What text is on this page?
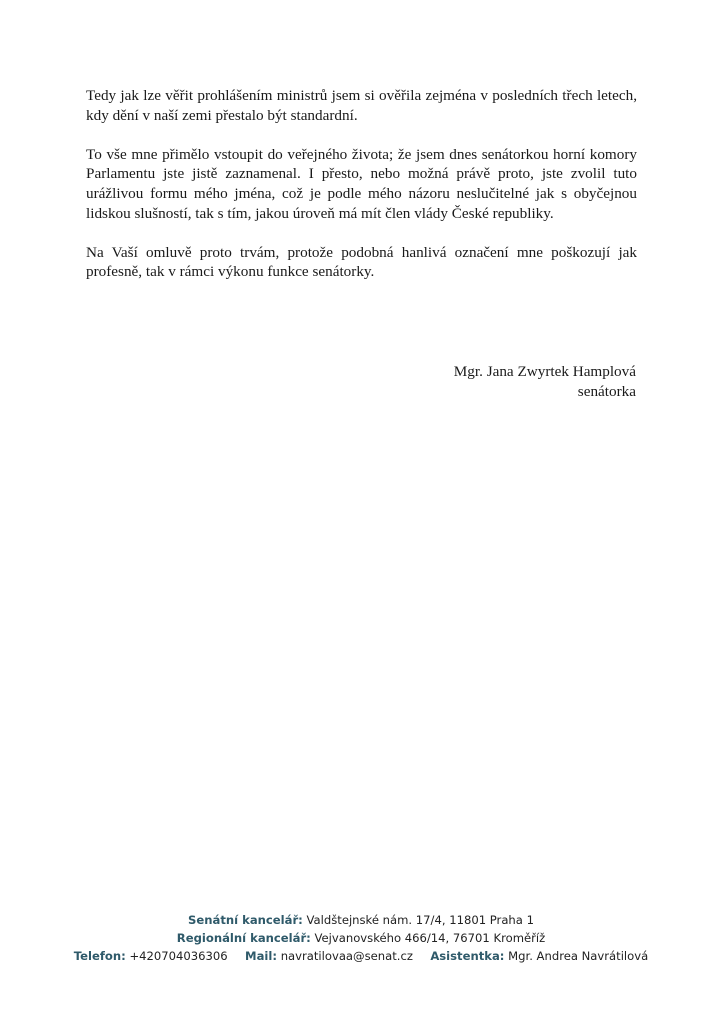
Tedy jak lze věřit prohlášením ministrů jsem si ověřila zejména v posledních třech letech, kdy dění v naší zemi přestalo být standardní.

To vše mne přimělo vstoupit do veřejného života; že jsem dnes senátorkou horní komory Parlamentu jste jistě zaznamenal. I přesto, nebo možná právě proto, jste zvolil tuto urážlivou formu mého jména, což je podle mého názoru neslučitelné jak s obyčejnou lidskou slušností, tak s tím, jakou úroveň má mít člen vlády České republiky.

Na Vaší omluvě proto trvám, protože podobná hanlivá označení mne poškozují jak profesně, tak v rámci výkonu funkce senátorky.

Mgr. Jana Zwyrtek Hamplová
senátorka
Senátní kancelář: Valdštejnské nám. 17/4, 11801 Praha 1
Regionální kancelář: Vejvanovského 466/14, 76701 Kroměříž
Telefon: +420704036306 Mail: navratilovaa@senat.cz Asistentka: Mgr. Andrea Navrátilová
